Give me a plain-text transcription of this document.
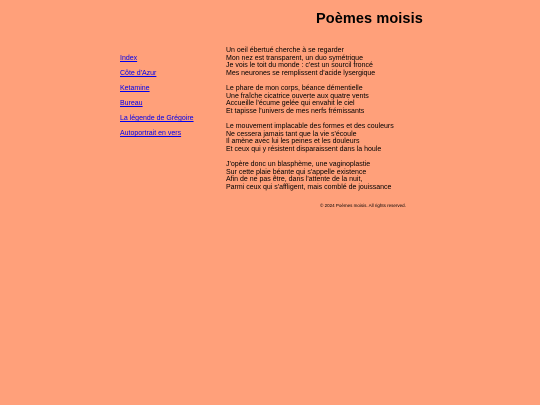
Poèmes moisis
Index
Côte d'Azur
Ketamine
Bureau
La légende de Grégoire
Autoportrait en vers
Un oeil ébertué cherche à se regarder
Mon nez est transparent, un duo symétrique
Je vois le toit du monde : c'est un sourcil froncé
Mes neurones se remplissent d'acide lysergique
Le phare de mon corps, béance démentielle
Une fraîche cicatrice ouverte aux quatre vents
Accueille l'écume gelée qui envahit le ciel
Et tapisse l'univers de mes nerfs frémissants
Le mouvement implacable des formes et des couleurs
Ne cessera jamais tant que la vie s'écoule
Il amène avec lui les peines et les douleurs
Et ceux qui y résistent disparaissent dans la houle
J'opère donc un blasphème, une vaginoplastie
Sur cette plaie béante qui s'appelle existence
Afin de ne pas être, dans l'attente de la nuit,
Parmi ceux qui s'affligent, mais comblé de jouissance
© 2024 Poèmes moisis. All rights reserved.
